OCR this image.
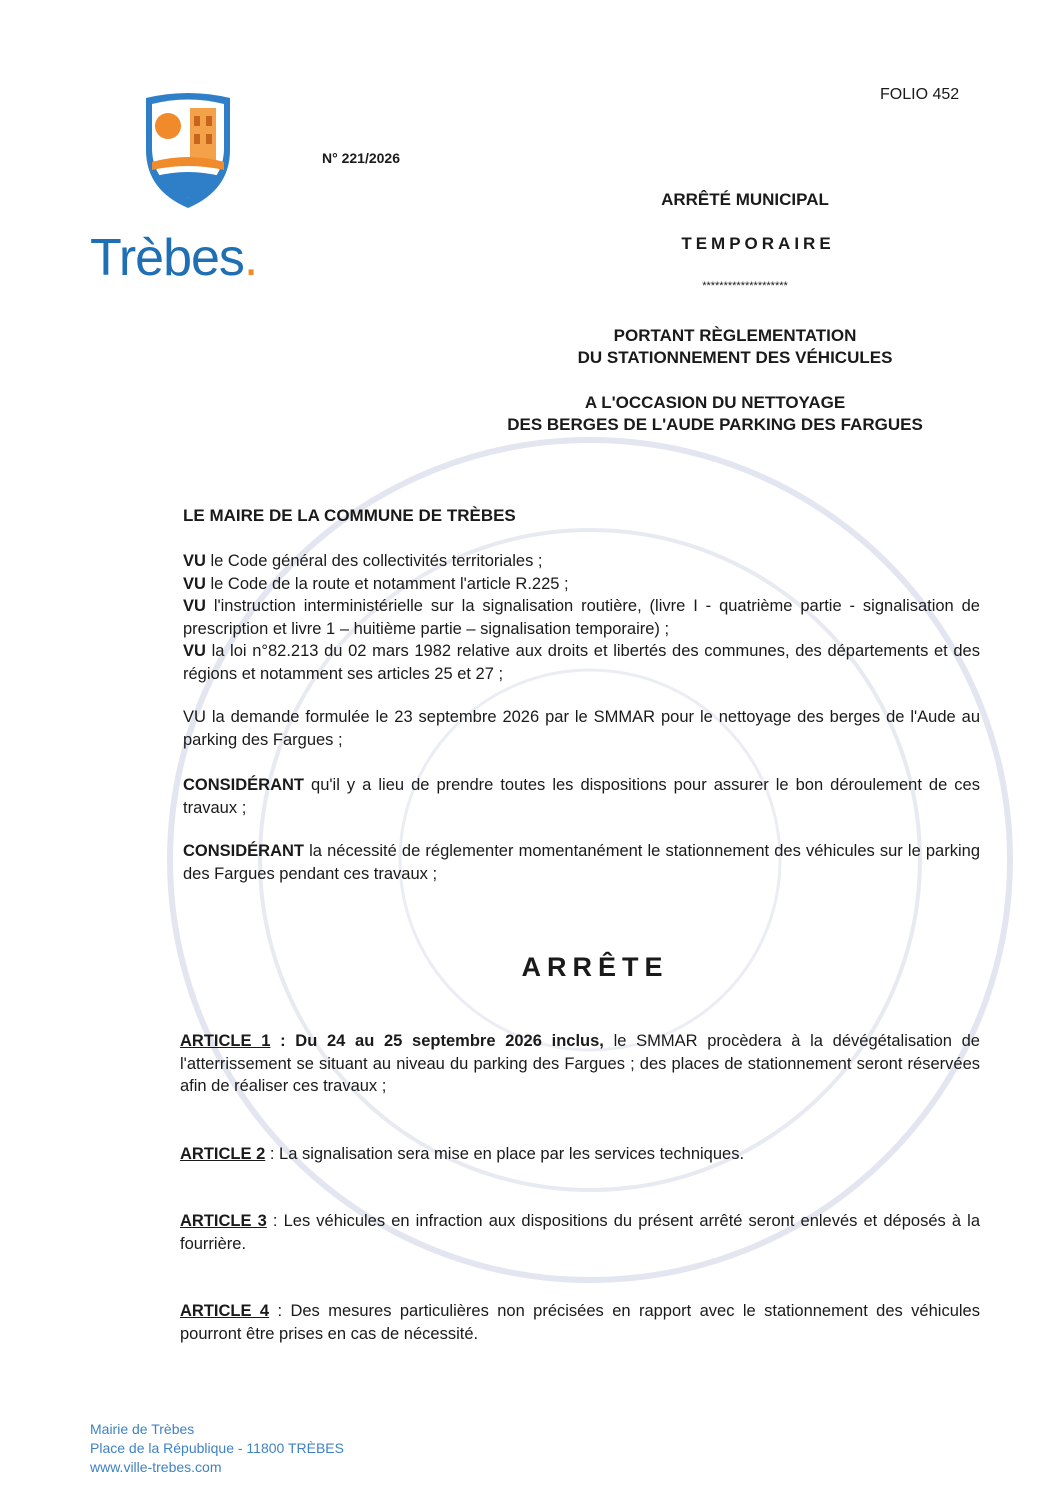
FOLIO 452
Trèbes.
N° 221/2026
ARRÊTÉ MUNICIPAL
TEMPORAIRE
********************
PORTANT RÈGLEMENTATION
DU STATIONNEMENT DES VÉHICULES
A L'OCCASION DU NETTOYAGE
DES BERGES DE L'AUDE PARKING DES FARGUES
LE MAIRE DE LA COMMUNE DE TRÈBES

VU le Code général des collectivités territoriales ;

VU le Code de la route et notamment l'article R.225 ;

VU l'instruction interministérielle sur la signalisation routière, (livre I - quatrième partie - signalisation de prescription et livre 1 – huitième partie – signalisation temporaire) ;

VU la loi n°82.213 du 02 mars 1982 relative aux droits et libertés des communes, des départements et des régions et notamment ses articles 25 et 27 ;

VU la demande formulée le 23 septembre 2026 par le SMMAR pour le nettoyage des berges de l'Aude au parking des Fargues ;
CONSIDÉRANT qu'il y a lieu de prendre toutes les dispositions pour assurer le bon déroulement de ces travaux ;
CONSIDÉRANT la nécessité de réglementer momentanément le stationnement des véhicules sur le parking des Fargues pendant ces travaux ;
ARRÊTE
ARTICLE 1 : Du 24 au 25 septembre 2026 inclus, le SMMAR procèdera à la dévégétalisation de l'atterrissement se situant au niveau du parking des Fargues ; des places de stationnement seront réservées afin de réaliser ces travaux ;
ARTICLE 2 : La signalisation sera mise en place par les services techniques.
ARTICLE 3 : Les véhicules en infraction aux dispositions du présent arrêté seront enlevés et déposés à la fourrière.
ARTICLE 4 : Des mesures particulières non précisées en rapport avec le stationnement des véhicules pourront être prises en cas de nécessité.
Mairie de Trèbes
Place de la République - 11800 TRÈBES
www.ville-trebes.com
